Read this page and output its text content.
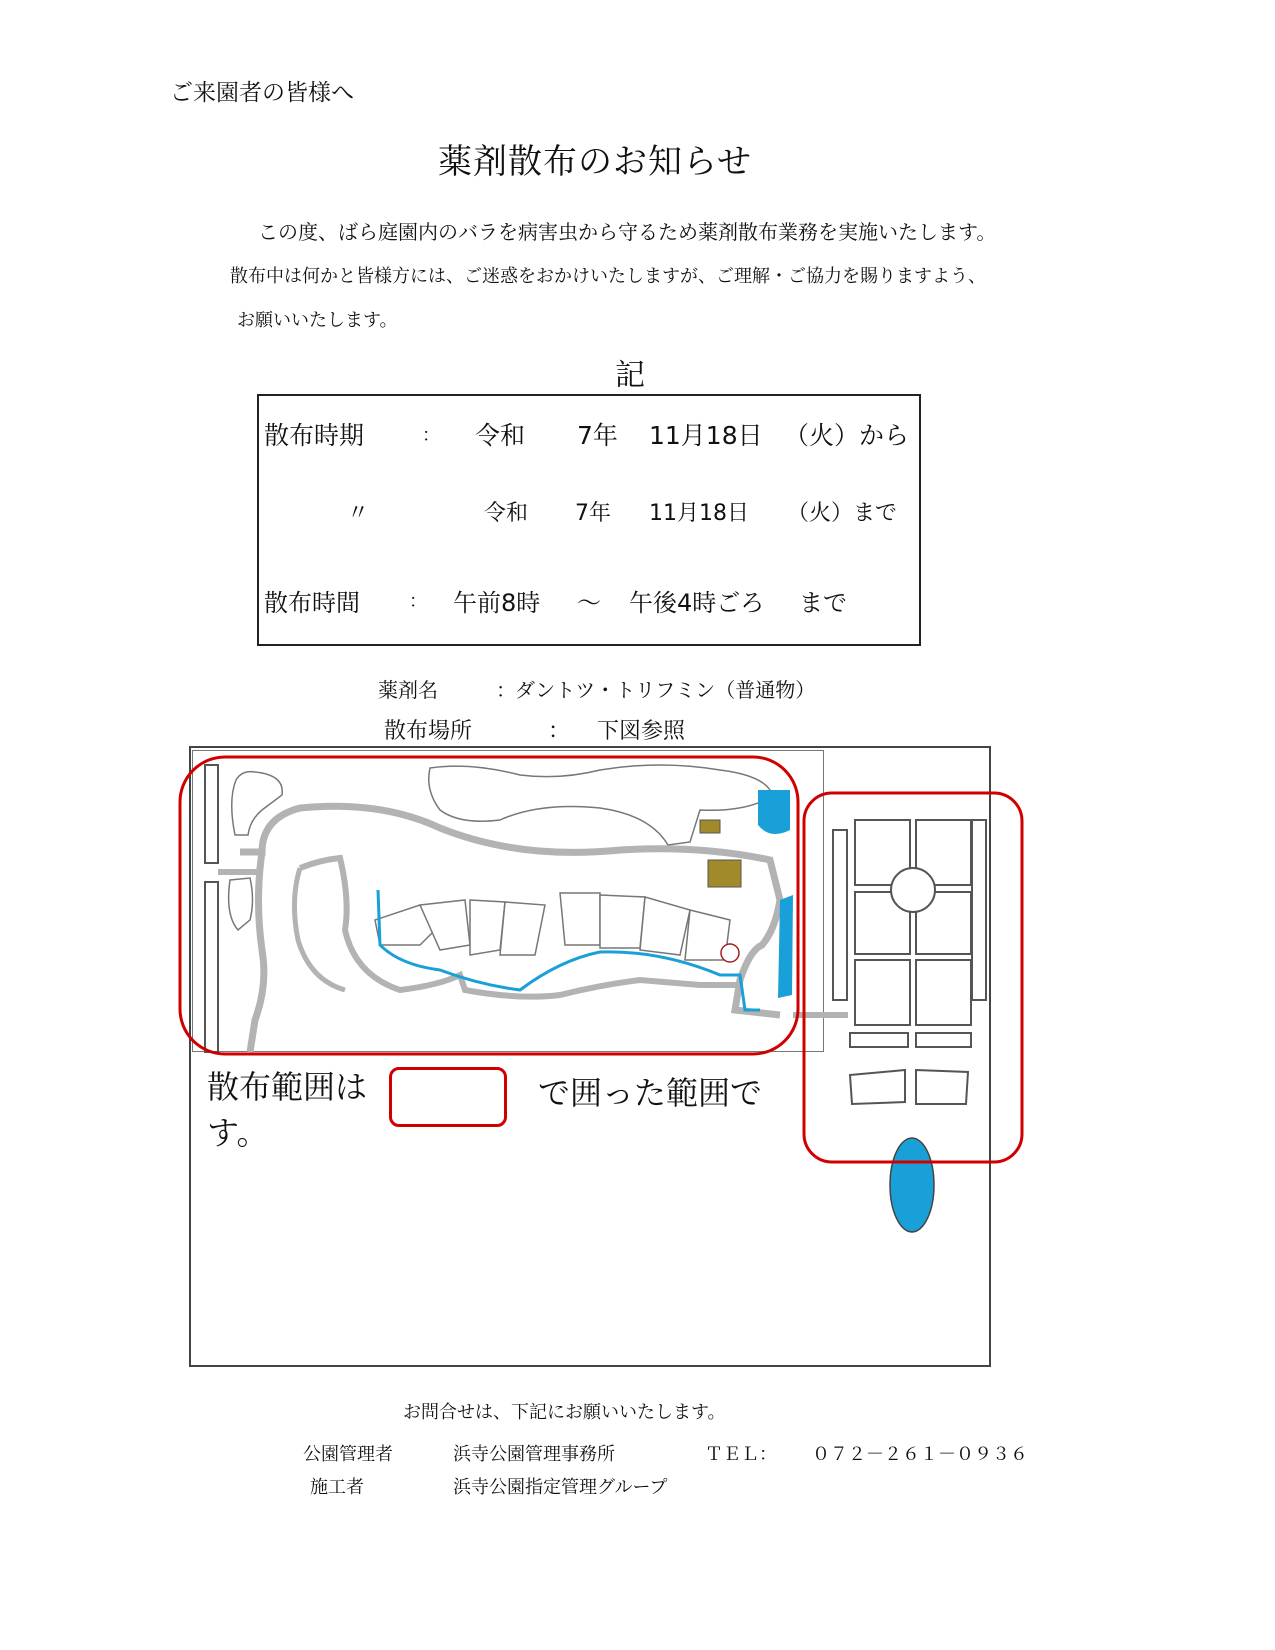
ご来園者の皆様へ
薬剤散布のお知らせ
この度、ばら庭園内のバラを病害虫から守るため薬剤散布業務を実施いたします。
散布中は何かと皆様方には、ご迷惑をおかけいたしますが、ご理解・ご協力を賜りますよう、
お願いいたします。
記
散布時期	： 令和 7年 11月18日 （火）から
〃	令和 7年 11月18日 （火）まで
散布時間	： 午前8時 ～ 午後4時ごろ まで
薬剤名	： ダントツ・トリフミン（普通物）
散布場所	： 下図参照
散布範囲は	で囲った範囲で
す。
お問合せは、下記にお願いいたします。
公園管理者	浜寺公園管理事務所	ＴＥＬ： ０７２－２６１－０９３６
施工者	浜寺公園指定管理グループ
